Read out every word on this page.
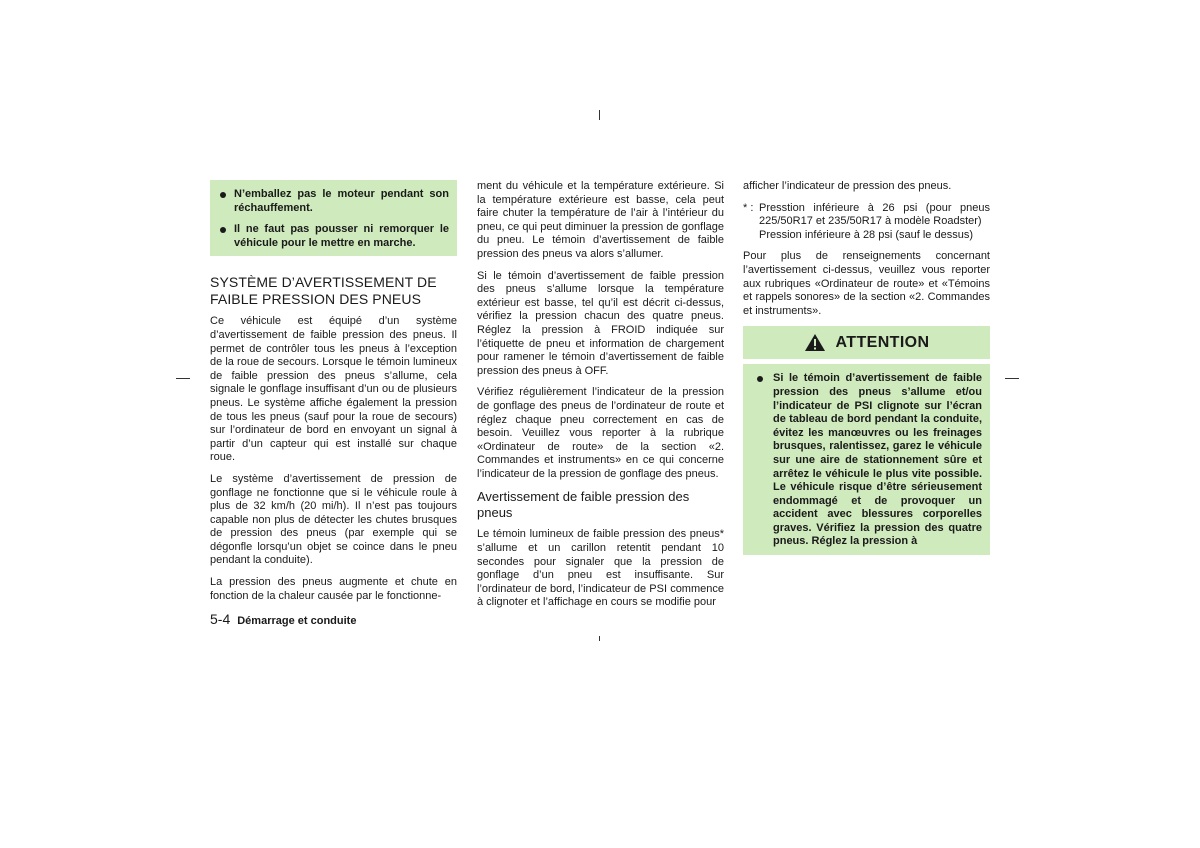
N’emballez pas le moteur pendant son réchauffement.
Il ne faut pas pousser ni remorquer le véhicule pour le mettre en marche.
SYSTÈME D’AVERTISSEMENT DE FAIBLE PRESSION DES PNEUS

Ce véhicule est équipé d’un système d’avertissement de faible pression des pneus. Il permet de contrôler tous les pneus à l’exception de la roue de secours. Lorsque le témoin lumineux de faible pression des pneus s’allume, cela signale le gonflage insuffisant d’un ou de plusieurs pneus. Le système affiche également la pression de tous les pneus (sauf pour la roue de secours) sur l’ordinateur de bord en envoyant un signal à partir d’un capteur qui est installé sur chaque roue.

Le système d’avertissement de pression de gonflage ne fonctionne que si le véhicule roule à plus de 32 km/h (20 mi/h). Il n’est pas toujours capable non plus de détecter les chutes brusques de pression des pneus (par exemple qui se dégonfle lorsqu’un objet se coince dans le pneu pendant la conduite).

La pression des pneus augmente et chute en fonction de la chaleur causée par le fonctionne-

ment du véhicule et la température extérieure. Si la température extérieure est basse, cela peut faire chuter la température de l’air à l’intérieur du pneu, ce qui peut diminuer la pression de gonflage du pneu. Le témoin d’avertissement de faible pression des pneus va alors s’allumer.

Si le témoin d’avertissement de faible pression des pneus s’allume lorsque la température extérieur est basse, tel qu’il est décrit ci-dessus, vérifiez la pression chacun des quatre pneus. Réglez la pression à FROID indiquée sur l’étiquette de pneu et information de chargement pour ramener le témoin d’avertissement de faible pression des pneus à OFF.

Vérifiez régulièrement l’indicateur de la pression de gonflage des pneus de l’ordinateur de route et réglez chaque pneu correctement en cas de besoin. Veuillez vous reporter à la rubrique «Ordinateur de route» de la section «2. Commandes et instruments» en ce qui concerne l’indicateur de la pression de gonflage des pneus.

Avertissement de faible pression des pneus

Le témoin lumineux de faible pression des pneus* s’allume et un carillon retentit pendant 10 secondes pour signaler que la pression de gonflage d’un pneu est insuffisante. Sur l’ordinateur de bord, l’indicateur de PSI commence à clignoter et l’affichage en cours se modifie pour

afficher l’indicateur de pression des pneus.

* : Presstion inférieure à 26 psi (pour pneus 225/50R17 et 235/50R17 à modèle Roadster)
Pression inférieure à 28 psi (sauf le dessus)

Pour plus de renseignements concernant l’avertissement ci-dessus, veuillez vous reporter aux rubriques «Ordinateur de route» et «Témoins et rappels sonores» de la section «2. Commandes et instruments».

ATTENTION
Si le témoin d’avertissement de faible pression des pneus s’allume et/ou l’indicateur de PSI clignote sur l’écran de tableau de bord pendant la conduite, évitez les manœuvres ou les freinages brusques, ralentissez, garez le véhicule sur une aire de stationnement sûre et arrêtez le véhicule le plus vite possible. Le véhicule risque d’être sérieusement endommagé et de provoquer un accident avec blessures corporelles graves. Vérifiez la pression des quatre pneus. Réglez la pression à
5-4 Démarrage et conduite
